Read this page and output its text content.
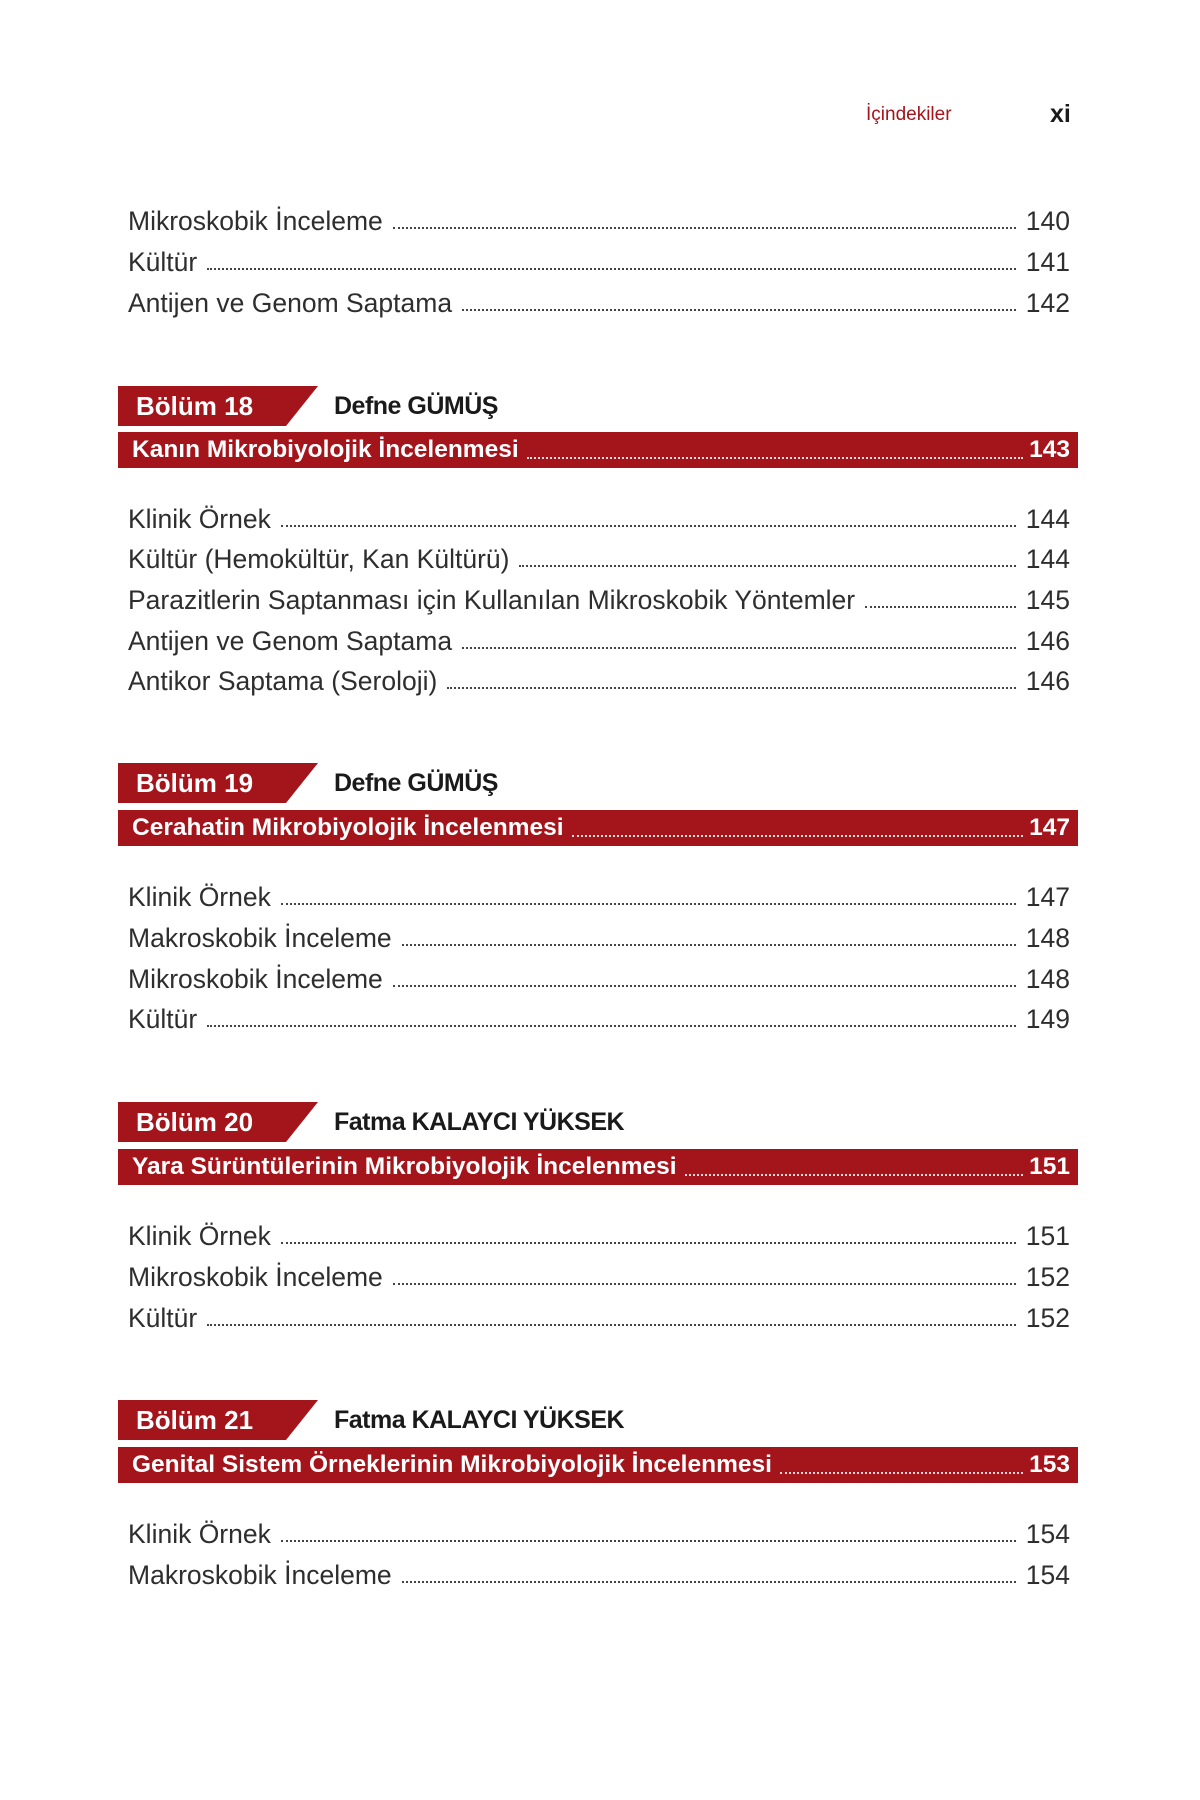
İçindekiler	xi
Mikroskobik İnceleme	140
Kültür	141
Antijen ve Genom Saptama	142
Bölüm 18	Defne GÜMÜŞ
Kanın Mikrobiyolojik İncelenmesi	143
Klinik Örnek	144
Kültür (Hemokültür, Kan Kültürü)	144
Parazitlerin Saptanması için Kullanılan Mikroskobik Yöntemler	145
Antijen ve Genom Saptama	146
Antikor Saptama (Seroloji)	146
Bölüm 19	Defne GÜMÜŞ
Cerahatin Mikrobiyolojik İncelenmesi	147
Klinik Örnek	147
Makroskobik İnceleme	148
Mikroskobik İnceleme	148
Kültür	149
Bölüm 20	Fatma KALAYCI YÜKSEK
Yara Sürüntülerinin Mikrobiyolojik İncelenmesi	151
Klinik Örnek	151
Mikroskobik İnceleme	152
Kültür	152
Bölüm 21	Fatma KALAYCI YÜKSEK
Genital Sistem Örneklerinin Mikrobiyolojik İncelenmesi	153
Klinik Örnek	154
Makroskobik İnceleme	154
